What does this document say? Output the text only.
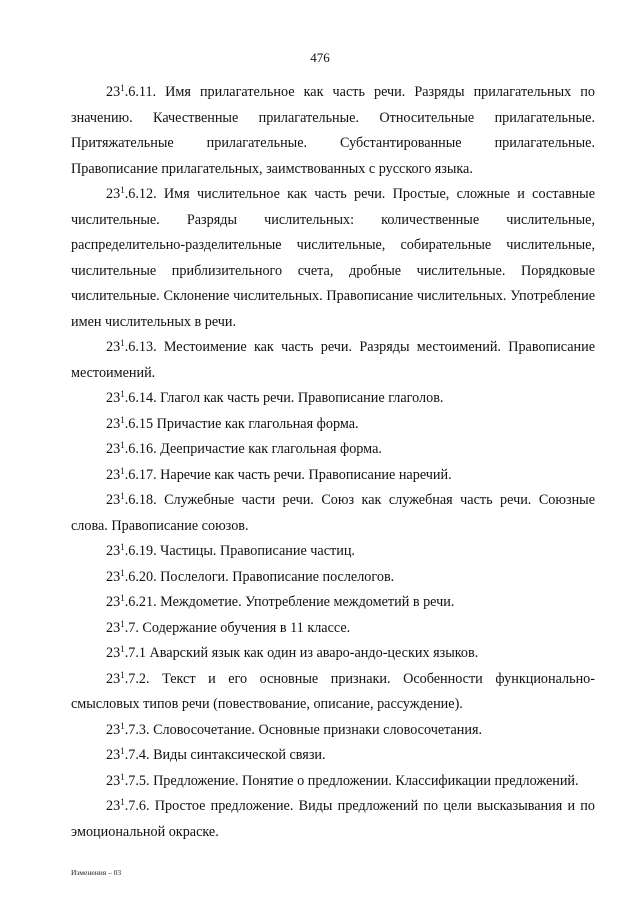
476

$23^1.6.11$. Имя прилагательное как часть речи. Разряды прилагательных по значению. Качественные прилагательные. Относительные прилагательные. Притяжательные прилагательные. Субстантированные прилагательные. Правописание прилагательных, заимствованных с русского языка.

$23^1.6.12$. Имя числительное как часть речи. Простые, сложные и составные числительные. Разряды числительных: количественные числительные, распределительно-разделительные числительные, собирательные числительные, числительные приблизительного счета, дробные числительные. Порядковые числительные. Склонение числительных. Правописание числительных. Употребление имен числительных в речи.

$23^1.6.13$. Местоимение как часть речи. Разряды местоимений. Правописание местоимений.

$23^1.6.14$. Глагол как часть речи. Правописание глаголов.

$23^1.6.15$ Причастие как глагольная форма.

$23^1.6.16$. Деепричастие как глагольная форма.

$23^1.6.17$. Наречие как часть речи. Правописание наречий.

$23^1.6.18$. Служебные части речи. Союз как служебная часть речи. Союзные слова. Правописание союзов.

$23^1.6.19$. Частицы. Правописание частиц.

$23^1.6.20$. Послелоги. Правописание послелогов.

$23^1.6.21$. Междометие. Употребление междометий в речи.

$23^1.7$. Содержание обучения в 11 классе.

$23^1.7.1$ Аварский язык как один из аваро-андо-цеских языков.

$23^1.7.2$. Текст и его основные признаки. Особенности функционально-смысловых типов речи (повествование, описание, рассуждение).

$23^1.7.3$. Словосочетание. Основные признаки словосочетания.

$23^1.7.4$. Виды синтаксической связи.

$23^1.7.5$. Предложение. Понятие о предложении. Классификации предложений.

$23^1.7.6$. Простое предложение. Виды предложений по цели высказывания и по эмоциональной окраске.

Изменения – 03
